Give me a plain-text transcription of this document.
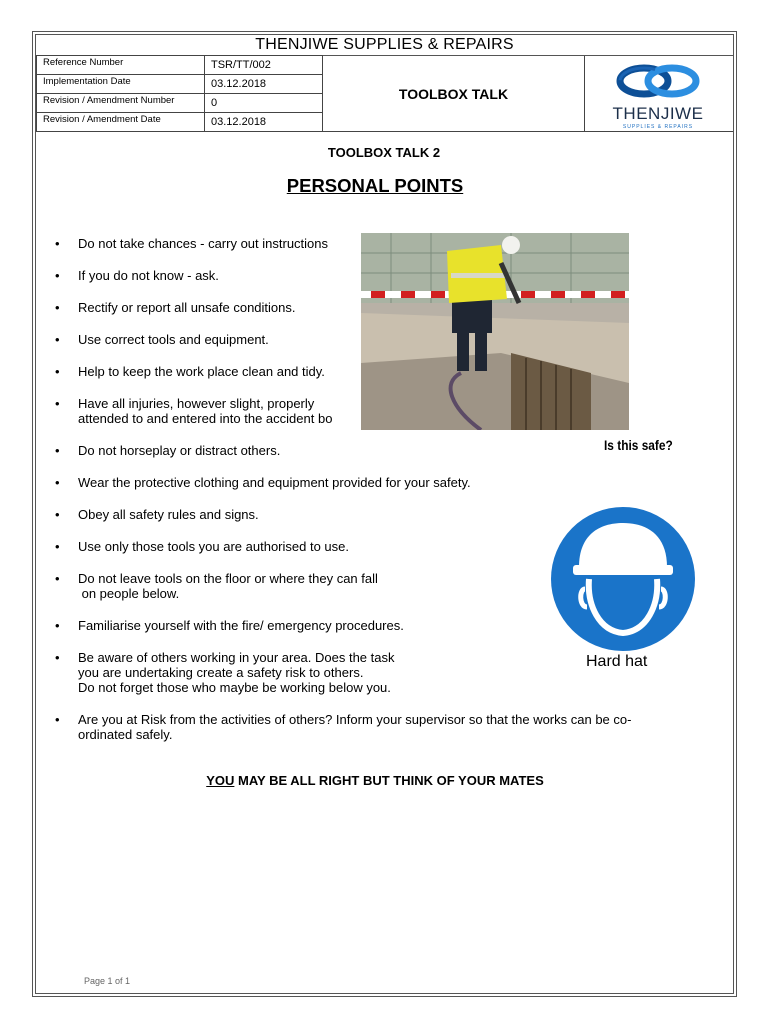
THENJIWE SUPPLIES & REPAIRS
Reference Number	TSR/TT/002
Implementation Date	03.12.2018
Revision / Amendment Number	0
Revision / Amendment Date	03.12.2018
TOOLBOX TALK
THENJIWE
SUPPLIES & REPAIRS
TOOLBOX TALK 2
PERSONAL POINTS
• Do not take chances - carry out instructions
• If you do not know - ask.
• Rectify or report all unsafe conditions.
• Use correct tools and equipment.
• Help to keep the work place clean and tidy.
• Have all injuries, however slight, properly
attended to and entered into the accident bo
• Do not horseplay or distract others.
• Wear the protective clothing and equipment provided for your safety.
• Obey all safety rules and signs.
• Use only those tools you are authorised to use.
• Do not leave tools on the floor or where they can fall
on people below.
• Familiarise yourself with the fire/ emergency procedures.
• Be aware of others working in your area. Does the task
you are undertaking create a safety risk to others.
Do not forget those who maybe be working below you.
• Are you at Risk from the activities of others? Inform your supervisor so that the works can be co-
ordinated safely.
Is this safe?
Hard hat
YOU MAY BE ALL RIGHT BUT THINK OF YOUR MATES
Page 1 of 1
